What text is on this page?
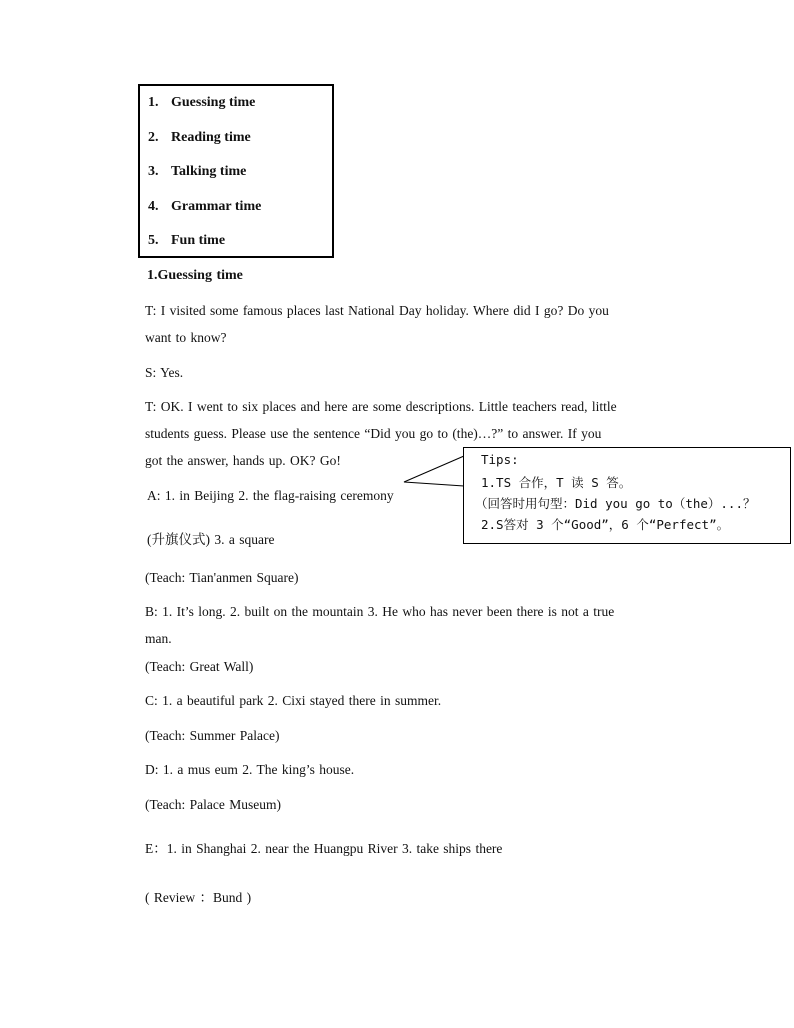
1. Guessing time
2. Reading time
3. Talking time
4. Grammar time
5. Fun time
1.Guessing time
T: I visited some famous places last National Day holiday. Where did I go? Do you
want to know?
S: Yes.
T: OK. I went to six places and here are some descriptions. Little teachers read, little
students guess. Please use the sentence “Did you go to (the)…?” to answer. If you
got the answer, hands up. OK? Go!
A: 1. in Beijing 2. the flag-raising ceremony
(升旗仪式) 3. a square
(Teach: Tian'anmen Square)
B: 1. It’s long. 2. built on the mountain 3. He who has never been there is not a true
man.
(Teach: Great Wall)
C: 1. a beautiful park 2. Cixi stayed there in summer.
(Teach: Summer Palace)
D: 1. a mus eum 2. The king’s house.
(Teach: Palace Museum)
E：1. in Shanghai 2. near the Huangpu River 3. take ships there
( Review ：Bund )
Tips:
1.TS 合作，T 读 S 答。
（回答时用句型：Did you go to（the）...？
2.S答对 3 个“Good”，6 个“Perfect”。
